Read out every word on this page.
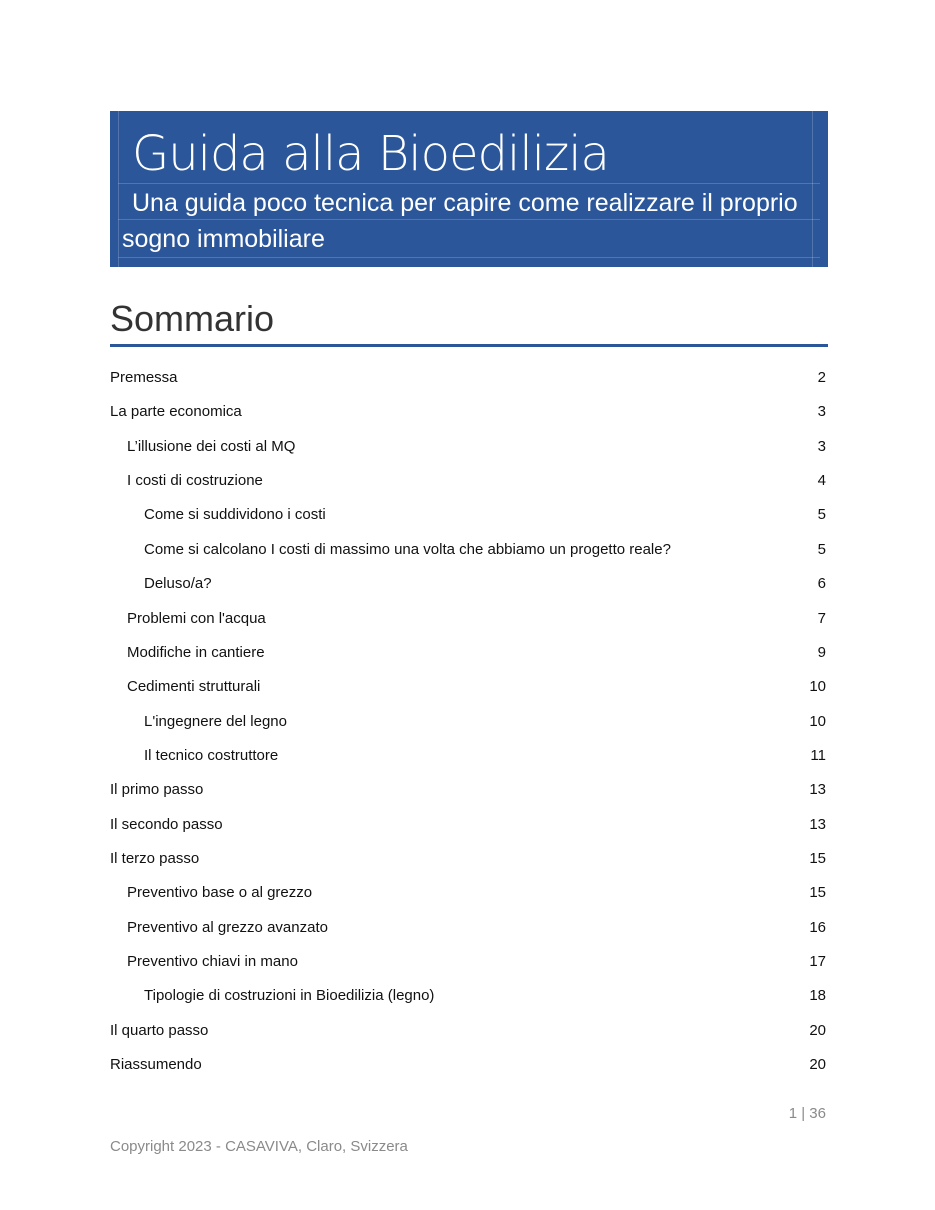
Guida alla Bioedilizia
Una guida poco tecnica per capire come realizzare il proprio sogno immobiliare
Sommario
Premessa	2
La parte economica	3
L’illusione dei costi al MQ	3
I costi di costruzione	4
Come si suddividono i costi	5
Come si calcolano I costi di massimo una volta che abbiamo un progetto reale?	5
Deluso/a?	6
Problemi con l'acqua	7
Modifiche in cantiere	9
Cedimenti strutturali	10
L'ingegnere del legno	10
Il tecnico costruttore	11
Il primo passo	13
Il secondo passo	13
Il terzo passo	15
Preventivo base o al grezzo	15
Preventivo al grezzo avanzato	16
Preventivo chiavi in mano	17
Tipologie di costruzioni in Bioedilizia (legno)	18
Il quarto passo	20
Riassumendo	20
1 | 36
Copyright 2023 - CASAVIVA, Claro, Svizzera
